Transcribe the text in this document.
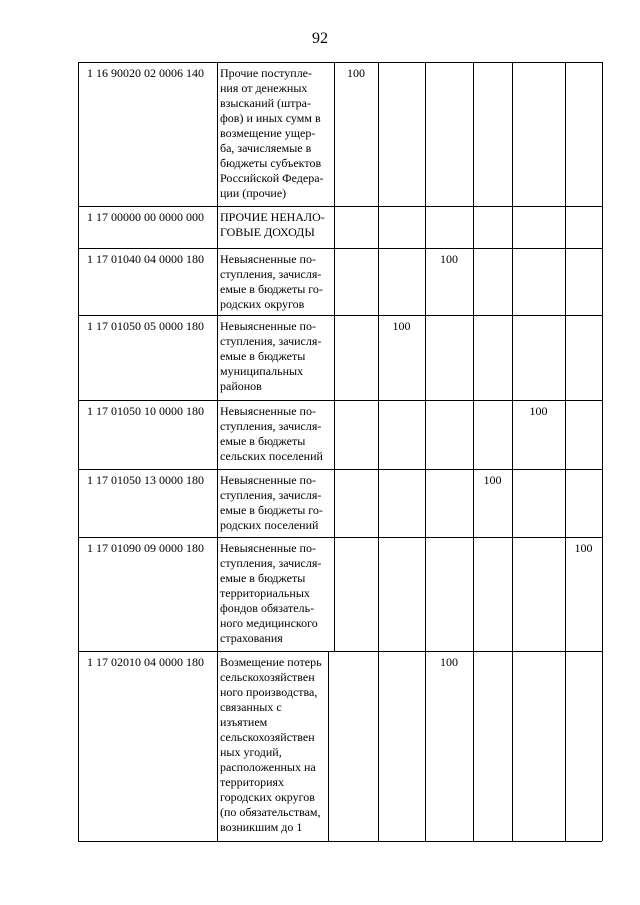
92
1 16 90020 02 0006 140 Прочие поступле-
ния от денежных
взысканий (штра-
фов) и иных сумм в
возмещение ущер-
ба, зачисляемые в
бюджеты субъектов
Российской Федера-
ции (прочие)
100
1 17 00000 00 0000 000 ПРОЧИЕ НЕНАЛО-
ГОВЫЕ ДОХОДЫ
1 17 01040 04 0000 180 Невыясненные по-
ступления, зачисля-
емые в бюджеты го-
родских округов
100
1 17 01050 05 0000 180 Невыясненные по-
ступления, зачисля-
емые в бюджеты
муниципальных
районов
100
1 17 01050 10 0000 180 Невыясненные по-
ступления, зачисля-
емые в бюджеты
сельских поселений
100
1 17 01050 13 0000 180 Невыясненные по-
ступления, зачисля-
емые в бюджеты го-
родских поселений
100
1 17 01090 09 0000 180 Невыясненные по-
ступления, зачисля-
емые в бюджеты
территориальных
фондов обязатель-
ного медицинского
страхования
100
1 17 02010 04 0000 180 Возмещение потерь
сельскохозяйствен
ного производства,
связанных с
изъятием
сельскохозяйствен
ных угодий,
расположенных на
территориях
городских округов
(по обязательствам,
возникшим до 1
100
